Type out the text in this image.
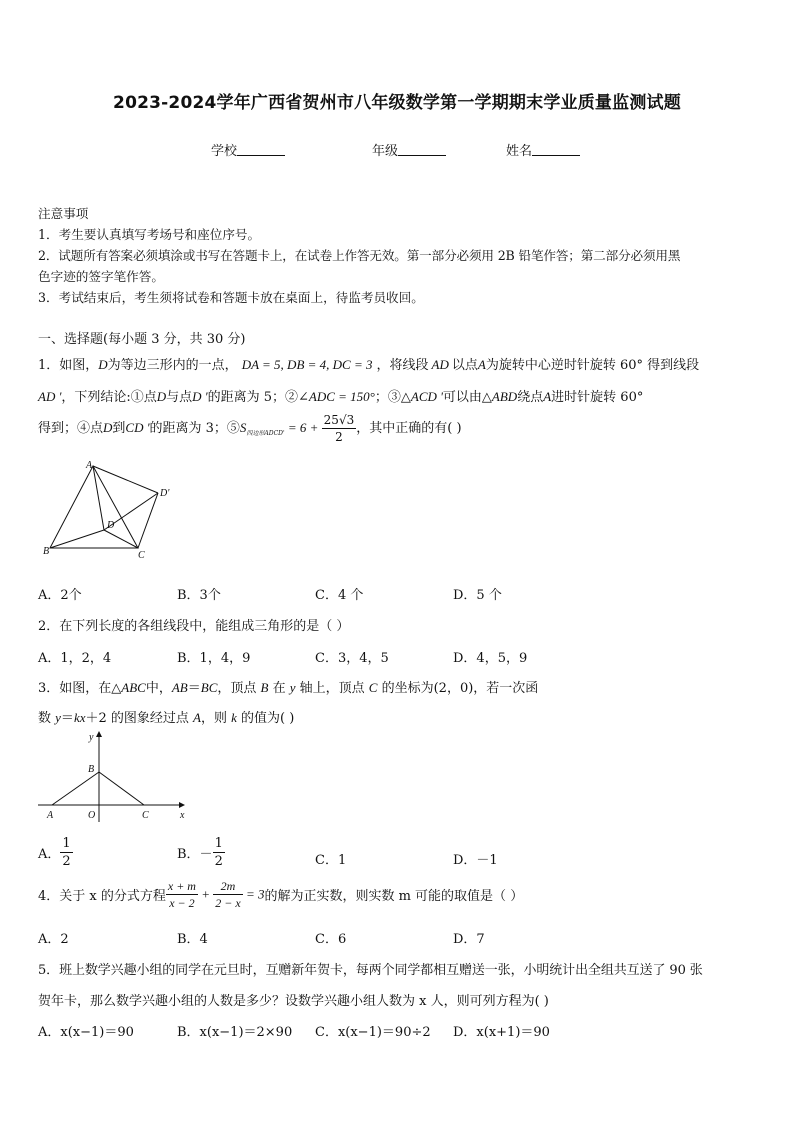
2023-2024学年广西省贺州市八年级数学第一学期期末学业质量监测试题
学校	年级	姓名
注意事项
1．考生要认真填写考场号和座位序号。
2．试题所有答案必须填涂或书写在答题卡上，在试卷上作答无效。第一部分必须用 2B 铅笔作答；第二部分必须用黑
色字迹的签字笔作答。
3．考试结束后，考生须将试卷和答题卡放在桌面上，待监考员收回。
一、选择题(每小题 3 分，共 30 分)
1．如图，D为等边三形内的一点， DA = 5, DB = 4, DC = 3 ，将线段 AD 以点A为旋转中心逆时针旋转 60° 得到线段
AD '，下列结论:①点D与点D '的距离为 5；②∠ADC = 150°；③△ACD '可以由△ABD绕点A进时针旋转 60°
得到；④点D到CD '的距离为 3；$⑤S_{四边形ADCD'} = 6 + \frac{25√3}{2}$ ，其中正确的有( )
A
B	C
D
D'
A．2个	B．3个	C．4 个	D．5 个
2．在下列长度的各组线段中，能组成三角形的是（ ）
A．1，2，4	B．1，4，9	C．3，4，5	D．4，5，9
3．如图，在△ABC中，AB＝BC，顶点 B 在 y 轴上，顶点 C 的坐标为(2，0)，若一次函
数 y＝kx＋2 的图象经过点 A，则 k 的值为( )
y
x
B
A	O	C
A． $\frac{1}{2}$	B．－ $\frac{1}{2}$	C．1	D．－1
4．关于 x 的分式方程 $\frac{x + m}{x - 2} + \frac{2m}{2 - x} = 3$的解为正实数，则实数 m 可能的取值是（ ）
A．2	B．4	C．6	D．7
5．班上数学兴趣小组的同学在元旦时，互赠新年贺卡，每两个同学都相互赠送一张，小明统计出全组共互送了 90 张
贺年卡，那么数学兴趣小组的人数是多少？设数学兴趣小组人数为 x 人，则可列方程为( )
A．x(x−1)＝90	B．x(x−1)＝2×90 C．x(x−1)＝90÷2 D．x(x+1)＝90
